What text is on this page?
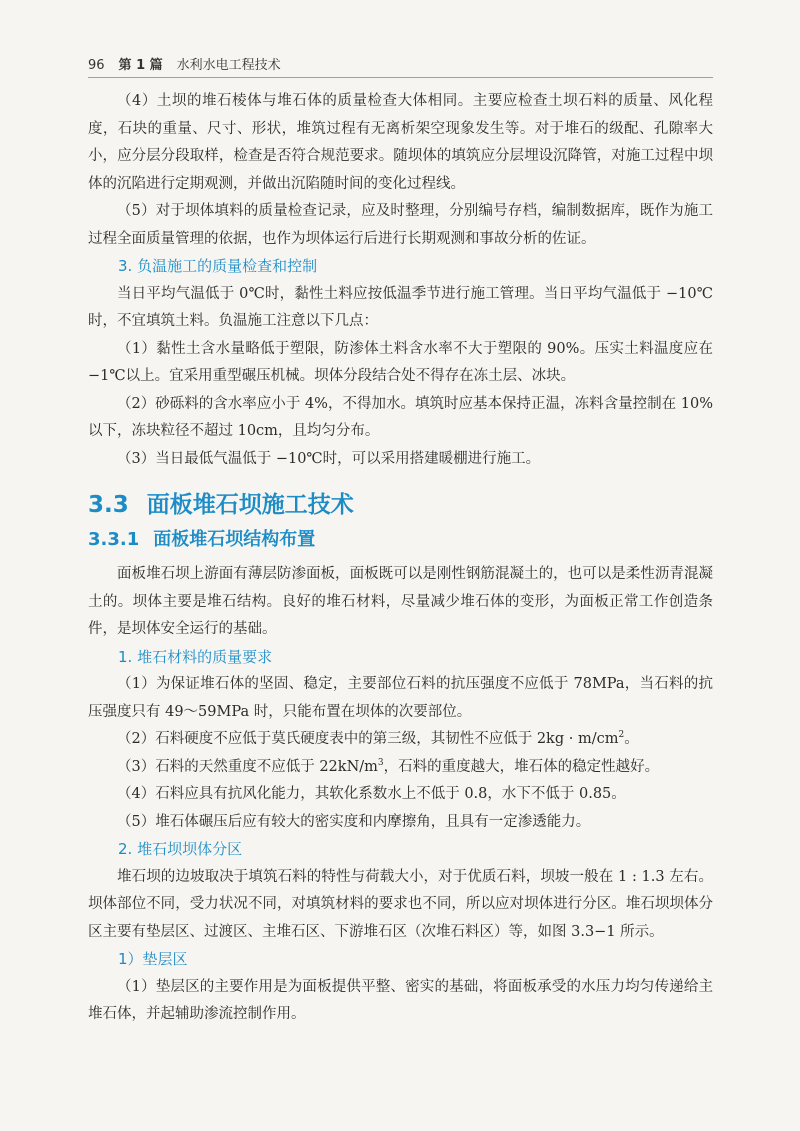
96 第 1 篇 水利水电工程技术

（4）土坝的堆石棱体与堆石体的质量检查大体相同。主要应检查土坝石料的质量、风化程度，石块的重量、尺寸、形状，堆筑过程有无离析架空现象发生等。对于堆石的级配、孔隙率大小，应分层分段取样，检查是否符合规范要求。随坝体的填筑应分层埋设沉降管，对施工过程中坝体的沉陷进行定期观测，并做出沉陷随时间的变化过程线。

（5）对于坝体填料的质量检查记录，应及时整理，分别编号存档，编制数据库，既作为施工过程全面质量管理的依据，也作为坝体运行后进行长期观测和事故分析的佐证。

3. 负温施工的质量检查和控制

当日平均气温低于 0℃时，黏性土料应按低温季节进行施工管理。当日平均气温低于 −10℃时，不宜填筑土料。负温施工注意以下几点：

（1）黏性土含水量略低于塑限，防渗体土料含水率不大于塑限的 90%。压实土料温度应在 −1℃以上。宜采用重型碾压机械。坝体分段结合处不得存在冻土层、冰块。

（2）砂砾料的含水率应小于 4%，不得加水。填筑时应基本保持正温，冻料含量控制在 10% 以下，冻块粒径不超过 10cm，且均匀分布。

（3）当日最低气温低于 −10℃时，可以采用搭建暖棚进行施工。

3.3 面板堆石坝施工技术
3.3.1 面板堆石坝结构布置

面板堆石坝上游面有薄层防渗面板，面板既可以是刚性钢筋混凝土的，也可以是柔性沥青混凝土的。坝体主要是堆石结构。良好的堆石材料，尽量减少堆石体的变形，为面板正常工作创造条件，是坝体安全运行的基础。

1. 堆石材料的质量要求

（1）为保证堆石体的坚固、稳定，主要部位石料的抗压强度不应低于 78MPa，当石料的抗压强度只有 49～59MPa 时，只能布置在坝体的次要部位。

（2）石料硬度不应低于莫氏硬度表中的第三级，其韧性不应低于 $2kg \cdot m/cm^2$。

（3）石料的天然重度不应低于 $22kN/m^3$，石料的重度越大，堆石体的稳定性越好。

（4）石料应具有抗风化能力，其软化系数水上不低于 0.8，水下不低于 0.85。

（5）堆石体碾压后应有较大的密实度和内摩擦角，且具有一定渗透能力。

2. 堆石坝坝体分区

堆石坝的边坡取决于填筑石料的特性与荷载大小，对于优质石料，坝坡一般在 1 : 1.3 左右。坝体部位不同，受力状况不同，对填筑材料的要求也不同，所以应对坝体进行分区。堆石坝坝体分区主要有垫层区、过渡区、主堆石区、下游堆石区（次堆石料区）等，如图 3.3−1 所示。

1）垫层区

（1）垫层区的主要作用是为面板提供平整、密实的基础，将面板承受的水压力均匀传递给主堆石体，并起辅助渗流控制作用。
